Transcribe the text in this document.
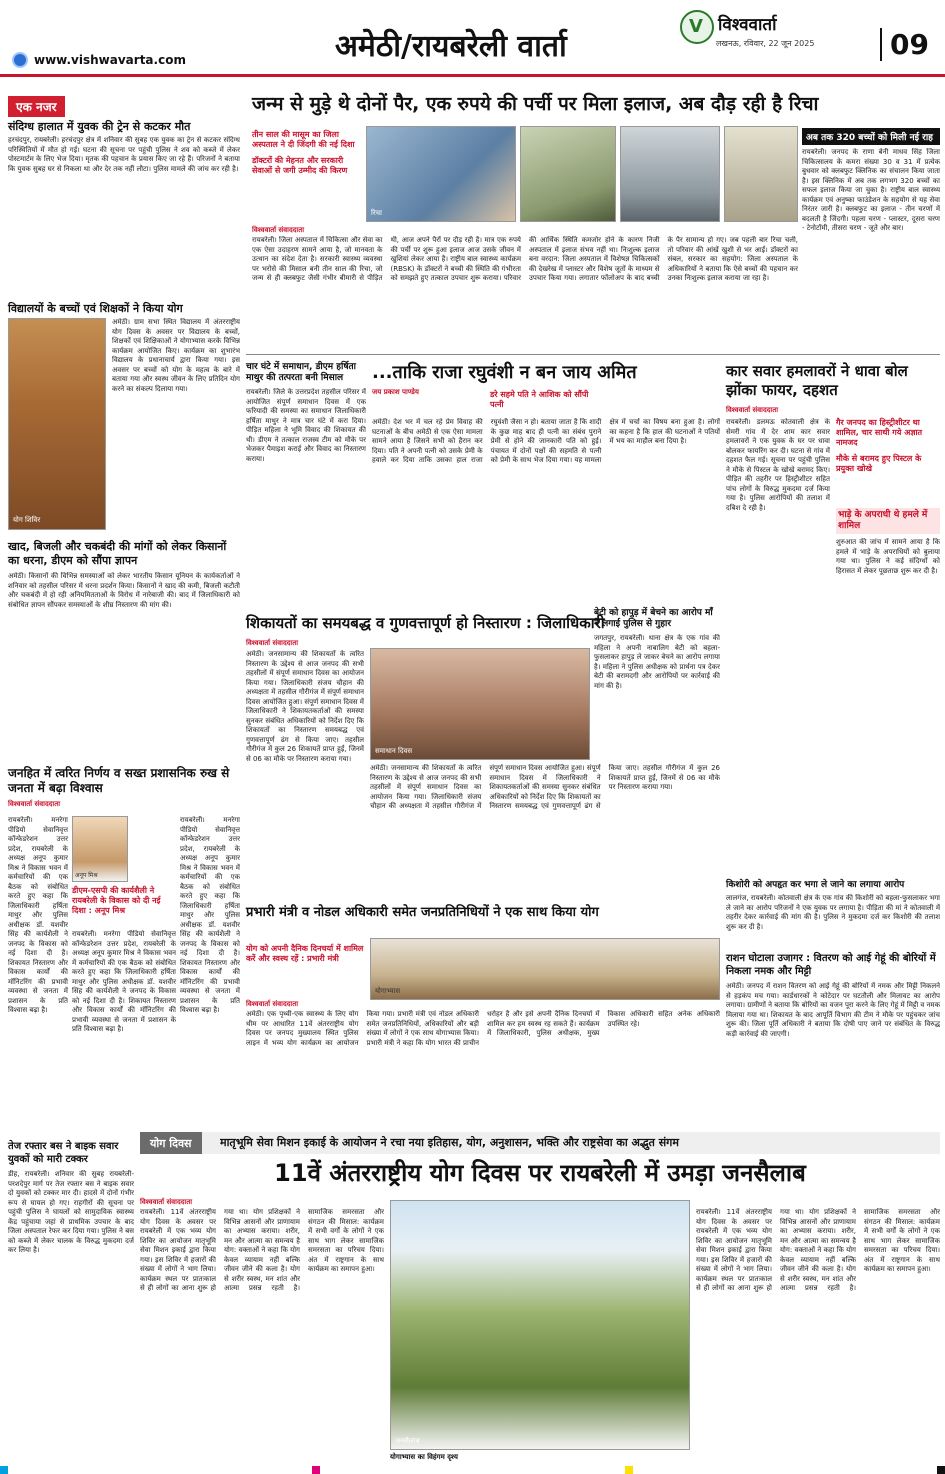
अमेठी/रायबरेली वार्ता
www.vishwavarta.com
V विश्ववार्ता
लखनऊ, रविवार, 22 जून 2025	09
एक नजर
संदिग्ध हालात में युवक की ट्रेन से कटकर मौत
हरचंदपुर, रायबरेली। हरचंदपुर क्षेत्र में शनिवार की सुबह एक युवक का ट्रेन से कटकर संदिग्ध परिस्थितियों में मौत हो गई। घटना की सूचना पर पहुंची पुलिस ने शव को कब्जे में लेकर पोस्टमार्टम के लिए भेज दिया। मृतक की पहचान के प्रयास किए जा रहे हैं। परिजनों ने बताया कि युवक सुबह घर से निकला था और देर तक नहीं लौटा। पुलिस मामले की जांच कर रही है।
विद्यालयों के बच्चों एवं शिक्षकों ने किया योग
योग शिविर
अमेठी। ग्राम सभा स्थित विद्यालय में अंतरराष्ट्रीय योग दिवस के अवसर पर विद्यालय के बच्चों, शिक्षकों एवं शिक्षिकाओं ने योगाभ्यास करके विभिन्न कार्यक्रम आयोजित किए। कार्यक्रम का शुभारंभ विद्यालय के प्रधानाचार्य द्वारा किया गया। इस अवसर पर बच्चों को योग के महत्व के बारे में बताया गया और स्वस्थ जीवन के लिए प्रतिदिन योग करने का संकल्प दिलाया गया।
खाद, बिजली और चकबंदी की मांगों को लेकर किसानों का धरना, डीएम को सौंपा ज्ञापन
अमेठी। किसानों की विभिन्न समस्याओं को लेकर भारतीय किसान यूनियन के कार्यकर्ताओं ने शनिवार को तहसील परिसर में धरना प्रदर्शन किया। किसानों ने खाद की कमी, बिजली कटौती और चकबंदी में हो रही अनियमितताओं के विरोध में नारेबाजी की। बाद में जिलाधिकारी को संबोधित ज्ञापन सौंपकर समस्याओं के शीघ्र निस्तारण की मांग की।
जन्म से मुड़े थे दोनों पैर, एक रुपये की पर्ची पर मिला इलाज, अब दौड़ रही है रिचा
तीन साल की मासूम का जिला अस्पताल ने दी जिंदगी की नई दिशा
डॉक्टरों की मेहनत और सरकारी सेवाओं से जगी उम्मीद की किरण
रिचा
अब तक 320 बच्चों को मिली नई राह
रायबरेली। जनपद के राणा बेनी माधव सिंह जिला चिकित्सालय के कमरा संख्या 30 व 31 में प्रत्येक बुधवार को क्लबफुट क्लिनिक का संचालन किया जाता है। इस क्लिनिक में अब तक लगभग 320 बच्चों का सफल इलाज किया जा चुका है। राष्ट्रीय बाल स्वास्थ्य कार्यक्रम एवं अनुष्का फाउंडेशन के सहयोग से यह सेवा निरंतर जारी है। क्लबफुट का इलाज - तीन चरणों में बदलती है जिंदगी। पहला चरण - प्लास्टर, दूसरा चरण - टेनोटॉमी, तीसरा चरण - जूते और बार।
विश्ववार्ता संवाददाता
रायबरेली। जिला अस्पताल में चिकित्सा और सेवा का एक ऐसा उदाहरण सामने आया है, जो मानवता के उत्थान का संदेश देता है। सरकारी स्वास्थ्य व्यवस्था पर भरोसे की मिसाल बनी तीन साल की रिचा, जो जन्म से ही क्लबफुट जैसी गंभीर बीमारी से पीड़ित थी, आज अपने पैरों पर दौड़ रही है। मात्र एक रुपये की पर्ची पर शुरू हुआ इलाज आज उसके जीवन में खुशियां लेकर आया है। राष्ट्रीय बाल स्वास्थ्य कार्यक्रम (RBSK) के डॉक्टरों ने बच्ची की स्थिति की गंभीरता को समझते हुए तत्काल उपचार शुरू कराया। परिवार की आर्थिक स्थिति कमजोर होने के कारण निजी अस्पताल में इलाज संभव नहीं था। निःशुल्क इलाज बना वरदान: जिला अस्पताल में विशेषज्ञ चिकित्सकों की देखरेख में प्लास्टर और विशेष जूतों के माध्यम से उपचार किया गया। लगातार फॉलोअप के बाद बच्ची के पैर सामान्य हो गए। जब पहली बार रिचा चली, तो परिवार की आंखें खुशी से भर आईं। डॉक्टरों का संबल, सरकार का सहयोग: जिला अस्पताल के अधिकारियों ने बताया कि ऐसे बच्चों की पहचान कर उनका निःशुल्क इलाज कराया जा रहा है।
चार घंटे में समाधान, डीएम हर्षिता माथुर की तत्परता बनी मिसाल
रायबरेली। जिले के उत्तरप्रदेश तहसील परिसर में आयोजित संपूर्ण समाधान दिवस में एक फरियादी की समस्या का समाधान जिलाधिकारी हर्षिता माथुर ने मात्र चार घंटे में करा दिया। पीड़ित महिला ने भूमि विवाद की शिकायत की थी। डीएम ने तत्काल राजस्व टीम को मौके पर भेजकर पैमाइश कराई और विवाद का निस्तारण कराया।
...ताकि राजा रघुवंशी न बन जाय अमित
जय प्रकाश पाण्डेय	डरे सहमे पति ने आशिक को सौंपी पत्नी
अमेठी। देश भर में चल रहे प्रेम विवाह की घटनाओं के बीच अमेठी से एक ऐसा मामला सामने आया है जिसने सभी को हैरान कर दिया। पति ने अपनी पत्नी को उसके प्रेमी के हवाले कर दिया ताकि उसका हाल राजा रघुवंशी जैसा न हो। बताया जाता है कि शादी के कुछ माह बाद ही पत्नी का संबंध पुराने प्रेमी से होने की जानकारी पति को हुई। पंचायत में दोनों पक्षों की सहमति से पत्नी को प्रेमी के साथ भेज दिया गया। यह मामला क्षेत्र में चर्चा का विषय बना हुआ है। लोगों का कहना है कि हाल की घटनाओं ने पतियों में भय का माहौल बना दिया है।
कार सवार हमलावरों ने धावा बोल झोंका फायर, दहशत
विश्ववार्ता संवाददाता
रायबरेली। डलमऊ कोतवाली क्षेत्र के सेमरी गांव में देर शाम कार सवार हमलावरों ने एक युवक के घर पर धावा बोलकर फायरिंग कर दी। घटना से गांव में दहशत फैल गई। सूचना पर पहुंची पुलिस ने मौके से पिस्टल के खोखे बरामद किए। पीड़ित की तहरीर पर हिस्ट्रीशीटर सहित पांच लोगों के विरुद्ध मुकदमा दर्ज किया गया है। पुलिस आरोपियों की तलाश में दबिश दे रही है।
गैर जनपद का हिस्ट्रीशीटर था शामिल, चार साथी गये अज्ञात नामजद
मौके से बरामद हुए पिस्टल के प्रयुक्त खोखे
भाड़े के अपराधी थे हमले में शामिल
शुरुआत की जांच में सामने आया है कि हमले में भाड़े के अपराधियों को बुलाया गया था। पुलिस ने कई संदिग्धों को हिरासत में लेकर पूछताछ शुरू कर दी है।
शिकायतों का समयबद्ध व गुणवत्तापूर्ण हो निस्तारण : जिलाधिकारी
विश्ववार्ता संवाददाता
अमेठी। जनसामान्य की शिकायतों के त्वरित निस्तारण के उद्देश्य से आज जनपद की सभी तहसीलों में संपूर्ण समाधान दिवस का आयोजन किया गया। जिलाधिकारी संजय चौहान की अध्यक्षता में तहसील गौरीगंज में संपूर्ण समाधान दिवस आयोजित हुआ। संपूर्ण समाधान दिवस में जिलाधिकारी ने शिकायतकर्ताओं की समस्या सुनकर संबंधित अधिकारियों को निर्देश दिए कि शिकायतों का निस्तारण समयबद्ध एवं गुणवत्तापूर्ण ढंग से किया जाए। तहसील गौरीगंज में कुल 26 शिकायतें प्राप्त हुईं, जिनमें से 06 का मौके पर निस्तारण कराया गया।
समाधान दिवस
बेटी को हापुड़ में बेचने का आरोप माँ ने लगाई पुलिस से गुहार
जगतपुर, रायबरेली। थाना क्षेत्र के एक गांव की महिला ने अपनी नाबालिग बेटी को बहला-फुसलाकर हापुड़ ले जाकर बेचने का आरोप लगाया है। महिला ने पुलिस अधीक्षक को प्रार्थना पत्र देकर बेटी की बरामदगी और आरोपियों पर कार्रवाई की मांग की है।
अमेठी। जनसामान्य की शिकायतों के त्वरित निस्तारण के उद्देश्य से आज जनपद की सभी तहसीलों में संपूर्ण समाधान दिवस का आयोजन किया गया। जिलाधिकारी संजय चौहान की अध्यक्षता में तहसील गौरीगंज में संपूर्ण समाधान दिवस आयोजित हुआ। संपूर्ण समाधान दिवस में जिलाधिकारी ने शिकायतकर्ताओं की समस्या सुनकर संबंधित अधिकारियों को निर्देश दिए कि शिकायतों का निस्तारण समयबद्ध एवं गुणवत्तापूर्ण ढंग से किया जाए। तहसील गौरीगंज में कुल 26 शिकायतें प्राप्त हुईं, जिनमें से 06 का मौके पर निस्तारण कराया गया।
किशोरी को अपहृत कर भगा ले जाने का लगाया आरोप
लालगंज, रायबरेली। कोतवाली क्षेत्र के एक गांव की किशोरी को बहला-फुसलाकर भगा ले जाने का आरोप परिजनों ने एक युवक पर लगाया है। पीड़िता की मां ने कोतवाली में तहरीर देकर कार्रवाई की मांग की है। पुलिस ने मुकदमा दर्ज कर किशोरी की तलाश शुरू कर दी है।
जनहित में त्वरित निर्णय व सख्त प्रशासनिक रुख से जनता में बढ़ा विश्वास
विश्ववार्ता संवाददाता
रायबरेली। मनरेगा पीडियो सेवानिवृत्त कॉन्फेडरेशन उत्तर प्रदेश, रायबरेली के अध्यक्ष अनूप कुमार मिश्र ने विकास भवन में कर्मचारियों की एक बैठक को संबोधित करते हुए कहा कि जिलाधिकारी हर्षिता माथुर और पुलिस अधीक्षक डॉ. यशवीर सिंह की कार्यशैली ने जनपद के विकास को नई दिशा दी है। शिकायत निस्तारण और विकास कार्यों की मॉनिटरिंग की प्रभावी व्यवस्था से जनता में प्रशासन के प्रति विश्वास बढ़ा है।
अनूप मिश्र
डीएम-एसपी की कार्यशैली ने रायबरेली के विकास को दी नई दिशा : अनूप मिश्र
रायबरेली। मनरेगा पीडियो सेवानिवृत्त कॉन्फेडरेशन उत्तर प्रदेश, रायबरेली के अध्यक्ष अनूप कुमार मिश्र ने विकास भवन में कर्मचारियों की एक बैठक को संबोधित करते हुए कहा कि जिलाधिकारी हर्षिता माथुर और पुलिस अधीक्षक डॉ. यशवीर सिंह की कार्यशैली ने जनपद के विकास को नई दिशा दी है। शिकायत निस्तारण और विकास कार्यों की मॉनिटरिंग की प्रभावी व्यवस्था से जनता में प्रशासन के प्रति विश्वास बढ़ा है।
रायबरेली। मनरेगा पीडियो सेवानिवृत्त कॉन्फेडरेशन उत्तर प्रदेश, रायबरेली के अध्यक्ष अनूप कुमार मिश्र ने विकास भवन में कर्मचारियों की एक बैठक को संबोधित करते हुए कहा कि जिलाधिकारी हर्षिता माथुर और पुलिस अधीक्षक डॉ. यशवीर सिंह की कार्यशैली ने जनपद के विकास को नई दिशा दी है। शिकायत निस्तारण और विकास कार्यों की मॉनिटरिंग की प्रभावी व्यवस्था से जनता में प्रशासन के प्रति विश्वास बढ़ा है।
तेज रफ्तार बस ने बाइक सवार युवकों को मारी टक्कर
डीह, रायबरेली। शनिवार की सुबह रायबरेली-परशदेपुर मार्ग पर तेज रफ्तार बस ने बाइक सवार दो युवकों को टक्कर मार दी। हादसे में दोनों गंभीर रूप से घायल हो गए। राहगीरों की सूचना पर पहुंची पुलिस ने घायलों को सामुदायिक स्वास्थ्य केंद्र पहुंचाया जहां से प्राथमिक उपचार के बाद जिला अस्पताल रेफर कर दिया गया। पुलिस ने बस को कब्जे में लेकर चालक के विरुद्ध मुकदमा दर्ज कर लिया है।
प्रभारी मंत्री व नोडल अधिकारी समेत जनप्रतिनिधियों ने एक साथ किया योग
योग को अपनी दैनिक दिनचर्या में शामिल करें और स्वस्थ रहें : प्रभारी मंत्री
योगाभ्यास
विश्ववार्ता संवाददाता
अमेठी। एक पृथ्वी-एक स्वास्थ्य के लिए योग थीम पर आधारित 11वें अंतरराष्ट्रीय योग दिवस पर जनपद मुख्यालय स्थित पुलिस लाइन में भव्य योग कार्यक्रम का आयोजन किया गया। प्रभारी मंत्री एवं नोडल अधिकारी समेत जनप्रतिनिधियों, अधिकारियों और बड़ी संख्या में लोगों ने एक साथ योगाभ्यास किया। प्रभारी मंत्री ने कहा कि योग भारत की प्राचीन धरोहर है और इसे अपनी दैनिक दिनचर्या में शामिल कर हम स्वस्थ रह सकते हैं। कार्यक्रम में जिलाधिकारी, पुलिस अधीक्षक, मुख्य विकास अधिकारी सहित अनेक अधिकारी उपस्थित रहे।
राशन घोटाला उजागर : वितरण को आई गेहूं की बोरियों में निकला नमक और मिट्टी
अमेठी। जनपद में राशन वितरण को आई गेहूं की बोरियों में नमक और मिट्टी निकलने से हड़कंप मच गया। कार्डधारकों ने कोटेदार पर घटतौली और मिलावट का आरोप लगाया। ग्रामीणों ने बताया कि बोरियों का वजन पूरा करने के लिए गेहूं में मिट्टी व नमक मिलाया गया था। शिकायत के बाद आपूर्ति विभाग की टीम ने मौके पर पहुंचकर जांच शुरू की। जिला पूर्ति अधिकारी ने बताया कि दोषी पाए जाने पर संबंधित के विरुद्ध कड़ी कार्रवाई की जाएगी।
योग दिवस	मातृभूमि सेवा मिशन इकाई के आयोजन ने रचा नया इतिहास, योग, अनुशासन, भक्ति और राष्ट्रसेवा का अद्भुत संगम
11वें अंतरराष्ट्रीय योग दिवस पर रायबरेली में उमड़ा जनसैलाब
विश्ववार्ता संवाददाता
रायबरेली। 11वें अंतरराष्ट्रीय योग दिवस के अवसर पर रायबरेली में एक भव्य योग शिविर का आयोजन मातृभूमि सेवा मिशन इकाई द्वारा किया गया। इस शिविर में हजारों की संख्या में लोगों ने भाग लिया। कार्यक्रम स्थल पर प्रातःकाल से ही लोगों का आना शुरू हो गया था। योग प्रशिक्षकों ने विभिन्न आसनों और प्राणायाम का अभ्यास कराया। शरीर, मन और आत्मा का समन्वय है योग: वक्ताओं ने कहा कि योग केवल व्यायाम नहीं बल्कि जीवन जीने की कला है। योग से शरीर स्वस्थ, मन शांत और आत्मा प्रसन्न रहती है। सामाजिक समरसता और संगठन की मिसाल: कार्यक्रम में सभी वर्गों के लोगों ने एक साथ भाग लेकर सामाजिक समरसता का परिचय दिया। अंत में राष्ट्रगान के साथ कार्यक्रम का समापन हुआ।
जनसैलाब
योगाभ्यास का विहंगम दृश्य
रायबरेली। 11वें अंतरराष्ट्रीय योग दिवस के अवसर पर रायबरेली में एक भव्य योग शिविर का आयोजन मातृभूमि सेवा मिशन इकाई द्वारा किया गया। इस शिविर में हजारों की संख्या में लोगों ने भाग लिया। कार्यक्रम स्थल पर प्रातःकाल से ही लोगों का आना शुरू हो गया था। योग प्रशिक्षकों ने विभिन्न आसनों और प्राणायाम का अभ्यास कराया। शरीर, मन और आत्मा का समन्वय है योग: वक्ताओं ने कहा कि योग केवल व्यायाम नहीं बल्कि जीवन जीने की कला है। योग से शरीर स्वस्थ, मन शांत और आत्मा प्रसन्न रहती है। सामाजिक समरसता और संगठन की मिसाल: कार्यक्रम में सभी वर्गों के लोगों ने एक साथ भाग लेकर सामाजिक समरसता का परिचय दिया। अंत में राष्ट्रगान के साथ कार्यक्रम का समापन हुआ।
